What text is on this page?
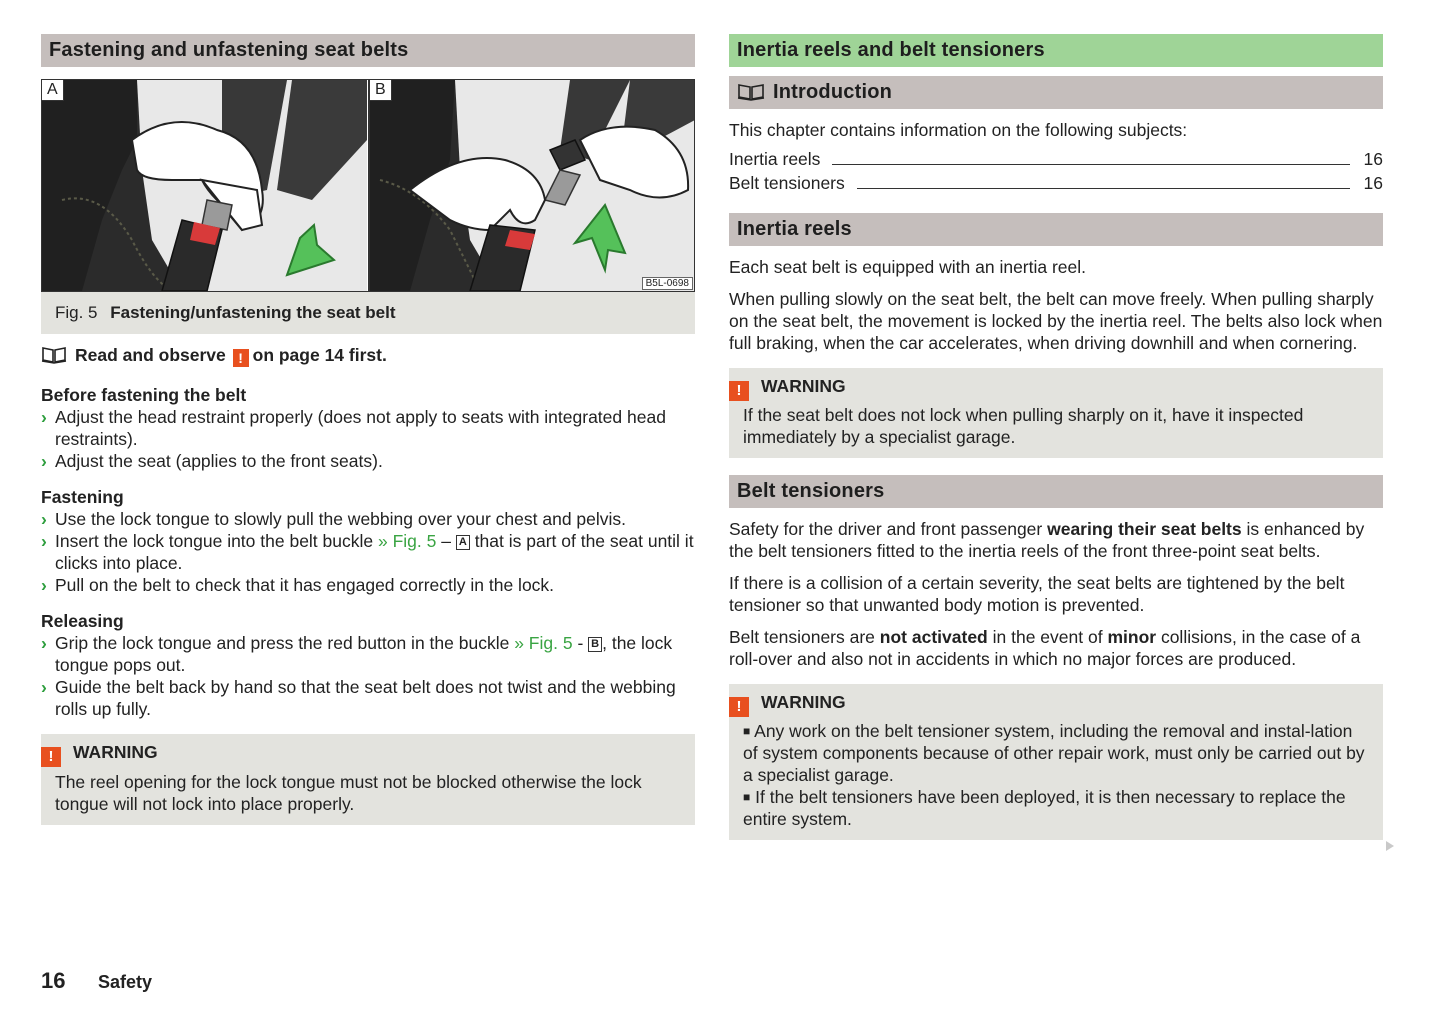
Fastening and unfastening seat belts
A	B
B5L-0698
Fig. 5 Fastening/unfastening the seat belt
Read and observe ! on page 14 first.
Before fastening the belt
› Adjust the head restraint properly (does not apply to seats with integrated head restraints).
› Adjust the seat (applies to the front seats).
Fastening
› Use the lock tongue to slowly pull the webbing over your chest and pelvis.
› Insert the lock tongue into the belt buckle » Fig. 5 – A that is part of the seat until it clicks into place.
› Pull on the belt to check that it has engaged correctly in the lock.
Releasing
› Grip the lock tongue and press the red button in the buckle » Fig. 5 - B , the lock tongue pops out.
› Guide the belt back by hand so that the seat belt does not twist and the webbing rolls up fully.
! WARNING
The reel opening for the lock tongue must not be blocked otherwise the lock tongue will not lock into place properly.
Inertia reels and belt tensioners
Introduction
This chapter contains information on the following subjects:
Inertia reels	16
Belt tensioners	16
Inertia reels
Each seat belt is equipped with an inertia reel.
When pulling slowly on the seat belt, the belt can move freely. When pulling sharply on the seat belt, the movement is locked by the inertia reel. The belts also lock when full braking, when the car accelerates, when driving downhill and when cornering.
! WARNING
If the seat belt does not lock when pulling sharply on it, have it inspected immediately by a specialist garage.
Belt tensioners
Safety for the driver and front passenger wearing their seat belts is enhanced by the belt tensioners fitted to the inertia reels of the front three-point seat belts.
If there is a collision of a certain severity, the seat belts are tightened by the belt tensioner so that unwanted body motion is prevented.
Belt tensioners are not activated in the event of minor collisions, in the case of a roll-over and also not in accidents in which no major forces are produced.
! WARNING
■ Any work on the belt tensioner system, including the removal and instal-lation of system components because of other repair work, must only be carried out by a specialist garage.
■ If the belt tensioners have been deployed, it is then necessary to replace the entire system.
16 Safety
